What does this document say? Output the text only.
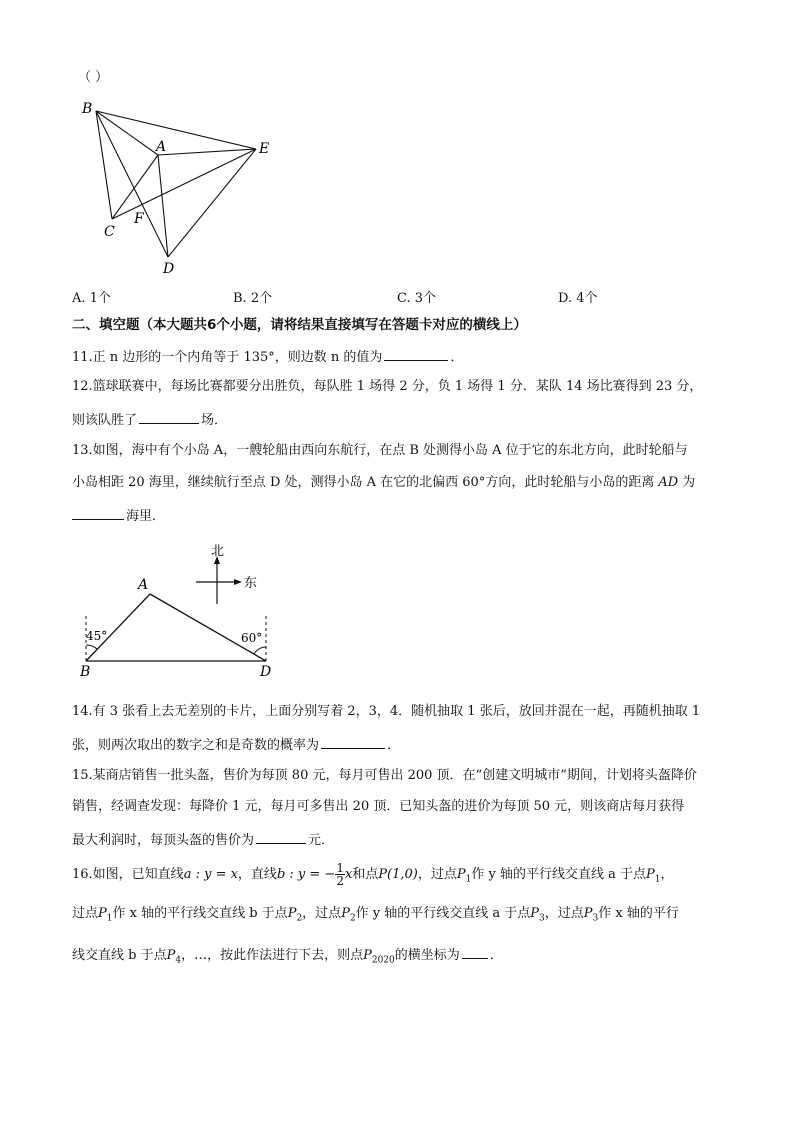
（ ）
B
A	E
C
F
D
A. 1个	B. 2个	C. 3个	D. 4个
二、填空题（本大题共6个小题，请将结果直接填写在答题卡对应的横线上）
11.正 n 边形的一个内角等于 135°，则边数 n 的值为	．
12.篮球联赛中，每场比赛都要分出胜负，每队胜 1 场得 2 分，负 1 场得 1 分．某队 14 场比赛得到 23 分，
则该队胜了	场．
13.如图，海中有个小岛 A，一艘轮船由西向东航行，在点 B 处测得小岛 A 位于它的东北方向，此时轮船与
小岛相距 20 海里，继续航行至点 D 处，测得小岛 A 在它的北偏西 60°方向，此时轮船与小岛的距离 AD 为
海里．
北
东
A
B	D
45°	60°
14.有 3 张看上去无差别的卡片，上面分别写着 2，3，4．随机抽取 1 张后，放回并混在一起，再随机抽取 1
张，则两次取出的数字之和是奇数的概率为	．
15.某商店销售一批头盔，售价为每顶 80 元，每月可售出 200 顶．在“创建文明城市”期间，计划将头盔降价
销售，经调查发现：每降价 1 元，每月可多售出 20 顶．已知头盔的进价为每顶 50 元，则该商店每月获得
最大利润时，每顶头盔的售价为	元．
16.如图，已知直线a : y = x，直线b : y = − $\frac{1}{2}$ x和点P(1,0)，过点$P_1$作 y 轴的平行线交直线 a 于点$P_1$，
过点$P_1$作 x 轴的平行线交直线 b 于点$P_2$，过点$P_2$作 y 轴的平行线交直线 a 于点$P_3$，过点$P_3$作 x 轴的平行
线交直线 b 于点$P_4$，…，按此作法进行下去，则点$P_{2020}$的横坐标为 ．
